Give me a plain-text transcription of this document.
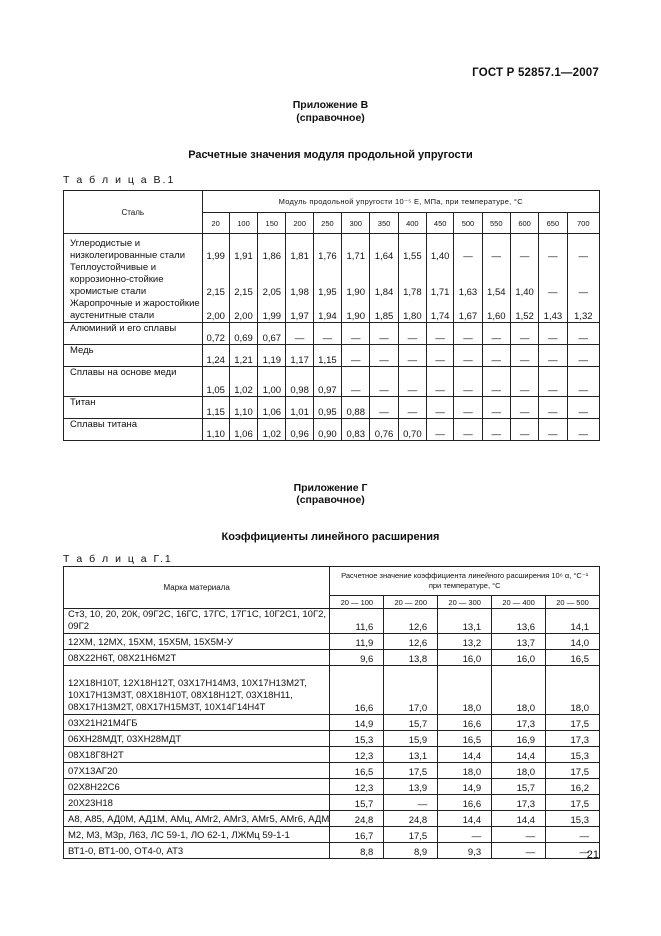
ГОСТ Р 52857.1—2007
Приложение В
(справочное)
Расчетные значения модуля продольной упругости
Т а б л и ц а В.1
Сталь	Модуль продольной упругости 10⁻⁵ E, МПа, при температуре, °С													
	20	100	150	200	250	300	350	400	450	500	550	600	650	700
Углеродистые и низколегированные стали	1,99	1,91	1,86	1,81	1,76	1,71	1,64	1,55	1,40	—	—	—	—	—
Теплоустойчивые и коррозионно-стойкие хромистые стали	2,15	2,15	2,05	1,98	1,95	1,90	1,84	1,78	1,71	1,63	1,54	1,40	—	—
Жаропрочные и жаростойкие аустенитные стали	2,00	2,00	1,99	1,97	1,94	1,90	1,85	1,80	1,74	1,67	1,60	1,52	1,43	1,32
Алюминий и его сплавы	0,72	0,69	0,67	—	—	—	—	—	—	—	—	—	—	—
Медь	1,24	1,21	1,19	1,17	1,15	—	—	—	—	—	—	—	—	—
Сплавы на основе меди	1,05	1,02	1,00	0,98	0,97	—	—	—	—	—	—	—	—	—
Титан	1,15	1,10	1,06	1,01	0,95	0,88	—	—	—	—	—	—	—	—
Сплавы титана	1,10	1,06	1,02	0,96	0,90	0,83	0,76	0,70	—	—	—	—	—	—
Приложение Г
(справочное)
Коэффициенты линейного расширения
Т а б л и ц а Г.1
Марка материала	Расчетное значение коэффициента линейного расширения 10⁶ α, °С⁻¹ при температуре, °С				
	20 — 100	20 — 200	20 — 300	20 — 400	20 — 500
Ст3, 10, 20, 20К, 09Г2С, 16ГС, 17ГС, 17Г1С, 10Г2С1, 10Г2, 09Г2	11,6	12,6	13,1	13,6	14,1
12ХМ, 12МХ, 15ХМ, 15Х5М, 15Х5М-У	11,9	12,6	13,2	13,7	14,0
08Х22Н6Т, 08Х21Н6М2Т	9,6	13,8	16,0	16,0	16,5
12Х18Н10Т, 12Х18Н12Т, 03Х17Н14М3, 10Х17Н13М2Т, 10Х17Н13М3Т, 08Х18Н10Т, 08Х18Н12Т, 03Х18Н11, 08Х17Н13М2Т, 08Х17Н15М3Т, 10Х14Г14Н4Т	16,6	17,0	18,0	18,0	18,0
03Х21Н21М4ГБ	14,9	15,7	16,6	17,3	17,5
06ХН28МДТ, 03ХН28МДТ	15,3	15,9	16,5	16,9	17,3
08Х18Г8Н2Т	12,3	13,1	14,4	14,4	15,3
07Х13АГ20	16,5	17,5	18,0	18,0	17,5
02Х8Н22С6	12,3	13,9	14,9	15,7	16,2
20Х23Н18	15,7	—	16,6	17,3	17,5
А8, А85, АД0М, АД1М, АМц, АМг2, АМг3, АМг5, АМг6, АДМ	24,8	24,8	14,4	14,4	15,3
М2, М3, М3р, Л63, ЛС 59-1, ЛО 62-1, ЛЖМц 59-1-1	16,7	17,5	—	—	—
ВТ1-0, ВТ1-00, ОТ4-0, АТ3	8,8	8,9	9,3	—	—
21
